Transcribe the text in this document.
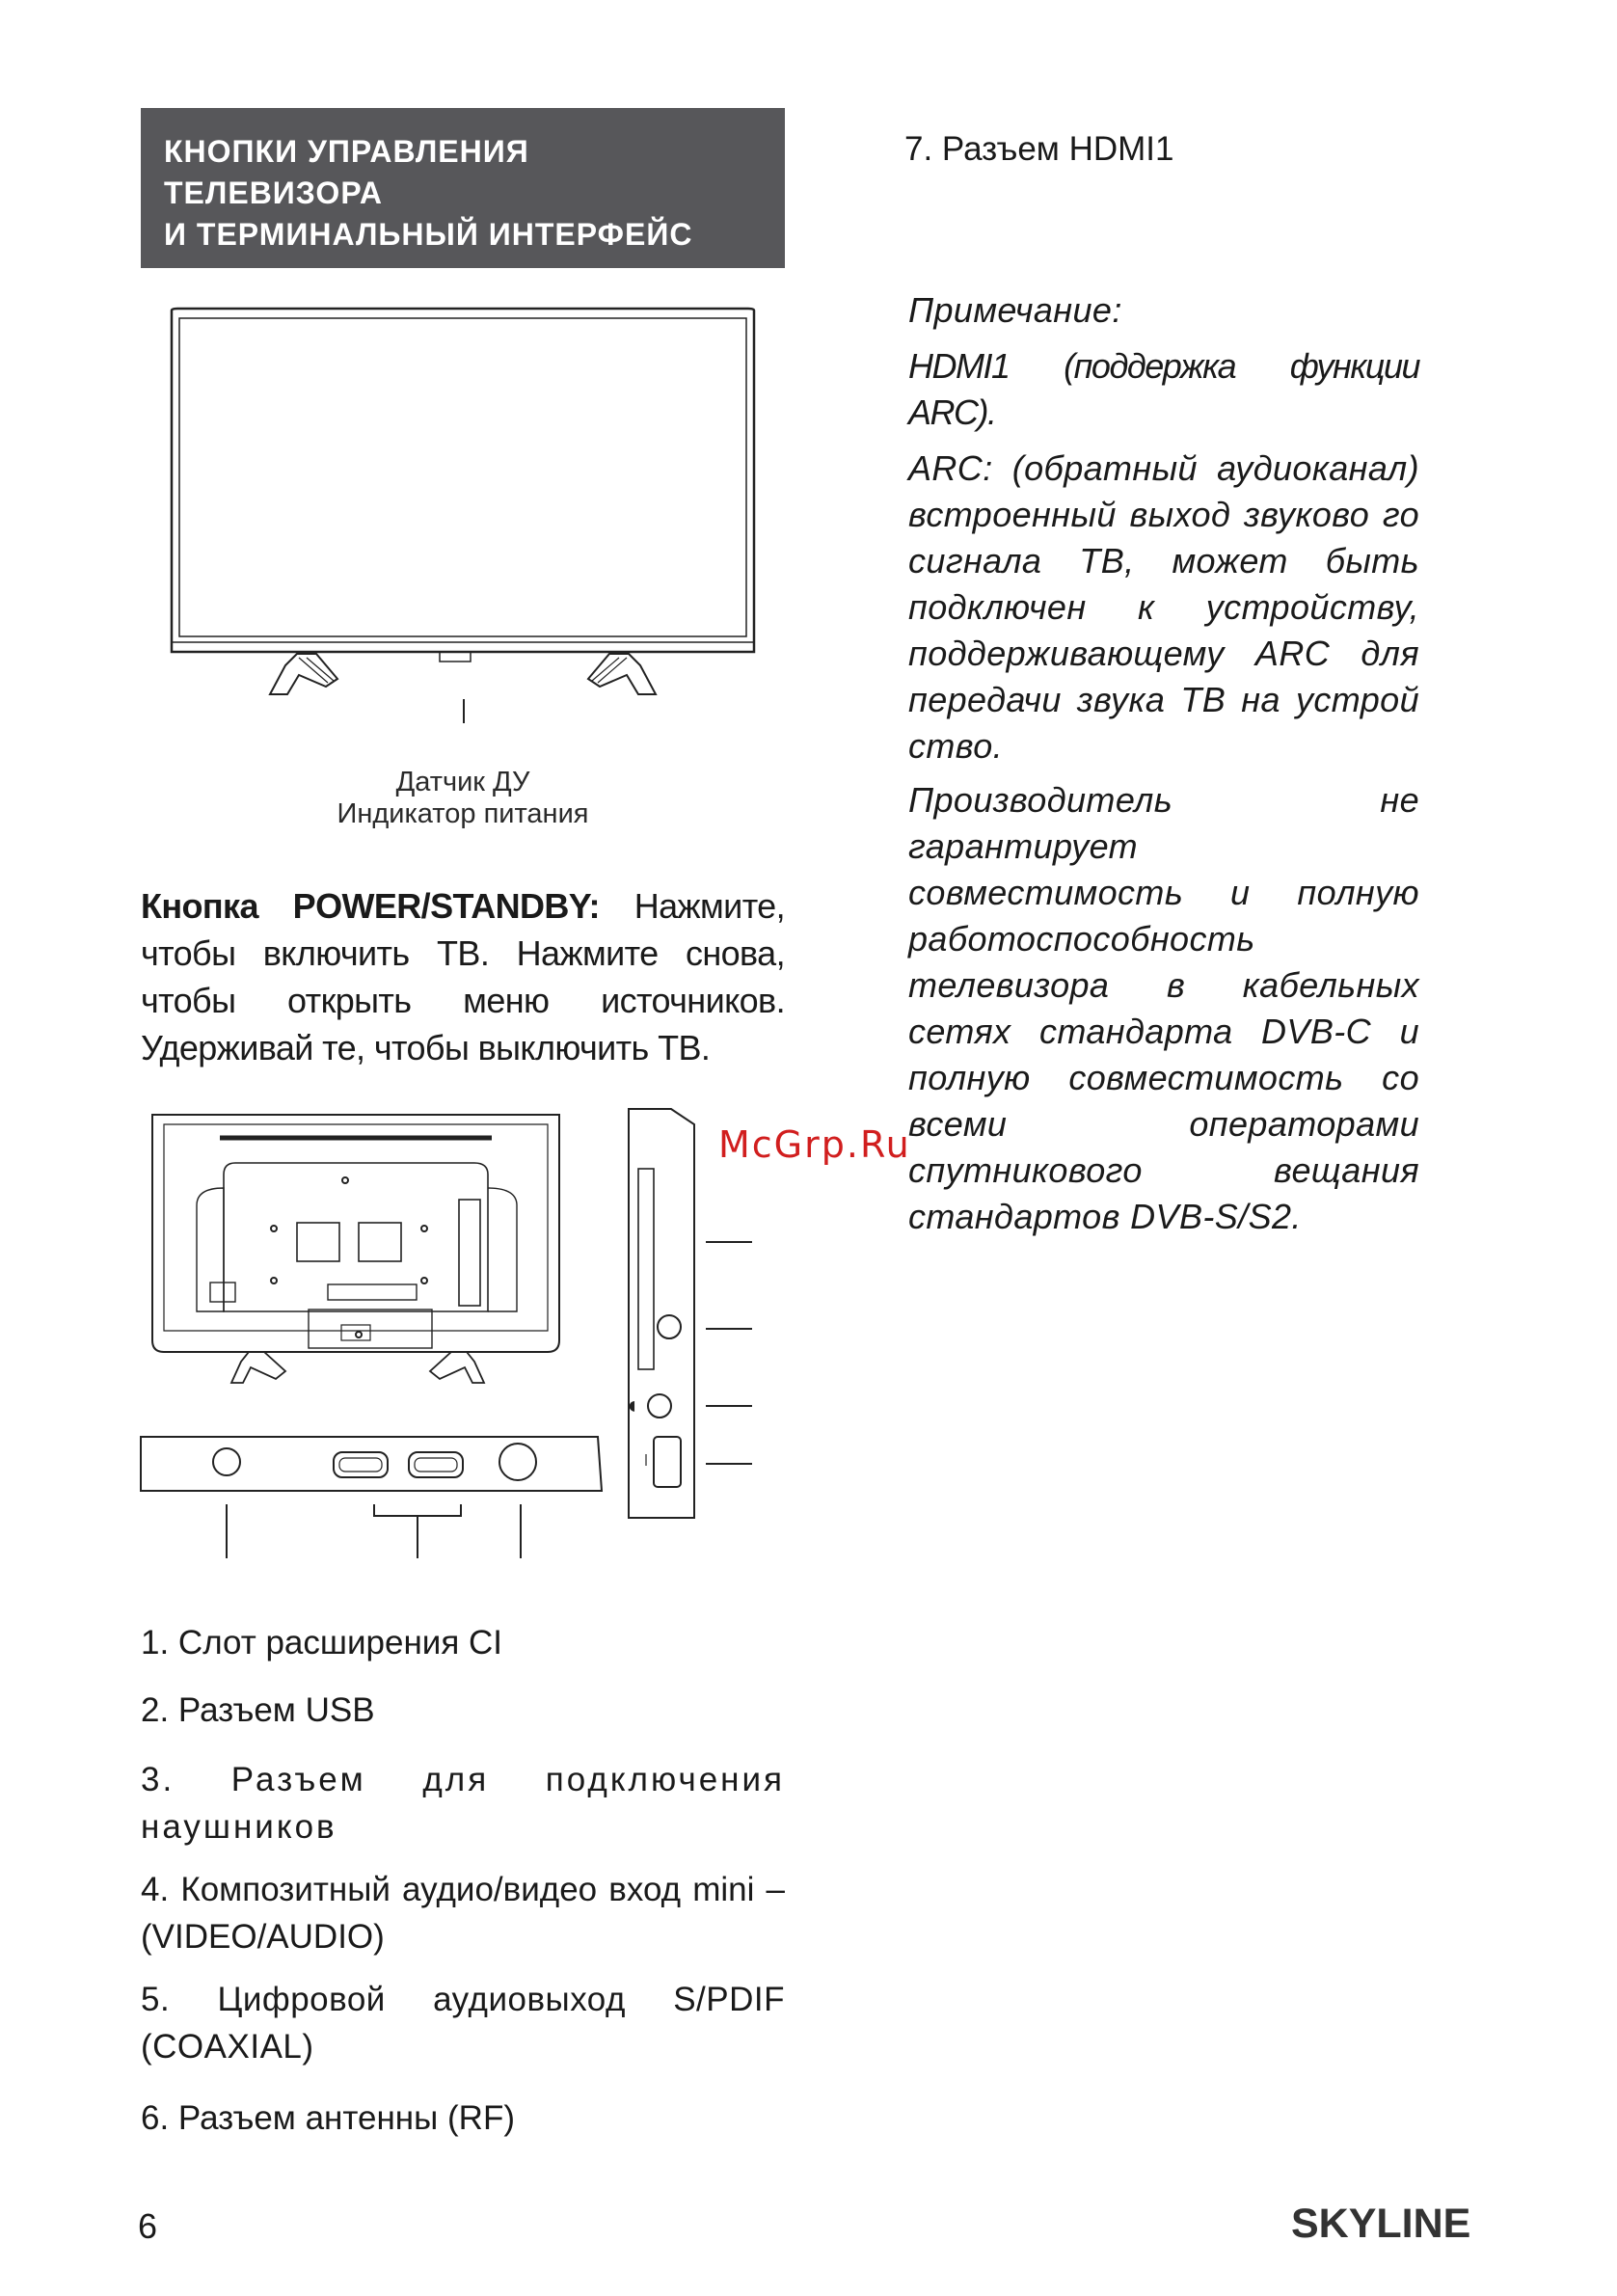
КНОПКИ УПРАВЛЕНИЯ
ТЕЛЕВИЗОРА
И ТЕРМИНАЛЬНЫЙ ИНТЕРФЕЙС
Датчик ДУ
Индикатор питания
Кнопка POWER/STANDBY: Нажмите, чтобы включить ТВ. Нажмите снова, чтобы открыть меню источников. Удерживай те, чтобы выключить ТВ.
◖
1. Слот расширения CI
2. Разъем USB
3. Разъем для подключения наушников
4. Композитный аудио/видео вход mini – (VIDEO/AUDIO)
5. Цифровой аудиовыход S/PDIF (COAXIAL)
6. Разъем антенны (RF)
7. Разъем HDMI1
Примечание:
HDMI1 (поддержка функции ARC).
ARC: (обратный аудиоканал) встроенный выход звуково го сигнала ТВ, может быть подключен к устройству, поддерживающему ARC для передачи звука ТВ на устрой ство.
Производитель не гарантирует совместимость и полную работоспособность телевизора в кабельных сетях стандарта DVB-C и полную совместимость со всеми операторами спутникового вещания стандартов DVB-S/S2.
McGrp.Ru
6	SKYLINE
